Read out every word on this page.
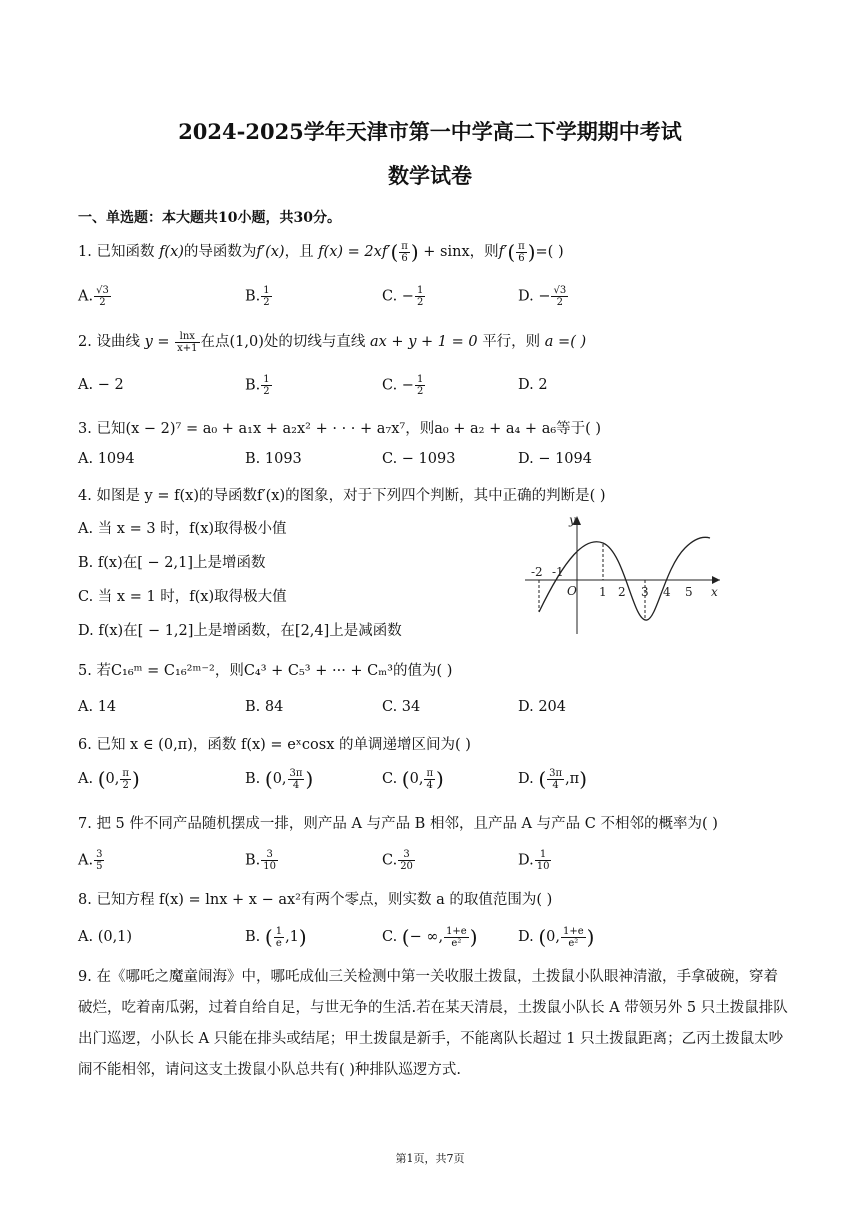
2024-2025学年天津市第一中学高二下学期期中考试
数学试卷
一、单选题：本大题共10小题，共30分。
1. 已知函数 f(x)的导函数为f′(x)，且 $f(x) = 2xf'( \frac{\pi}{6}$ ) + sinx，则$f'( \frac{\pi}{6}$ )=( )
A. $\frac{√3}{2}$	B. $\frac{1}{2}$	C. − $\frac{1}{2}$	D. − $\frac{√3}{2}$
2. 设曲线 $y = \frac{\ln x}{x+1}$ 在点(1,0)处的切线与直线 ax + y + 1 = 0 平行，则 a =( )
A. − 2	B. $\frac{1}{2}$	C. − $\frac{1}{2}$	D. 2
3. 已知(x − 2)⁷ = a₀ + a₁x + a₂x² + · · · + a₇x⁷，则a₀ + a₂ + a₄ + a₆等于( )
A. 1094	B. 1093	C. − 1093	D. − 1094
4. 如图是 y = f(x)的导函数f′(x)的图象，对于下列四个判断，其中正确的判断是( )
A. 当 x = 3 时，f(x)取得极小值
B. f(x)在[ − 2,1]上是增函数
C. 当 x = 1 时，f(x)取得极大值
D. f(x)在[ − 1,2]上是增函数，在[2,4]上是减函数
y
x
O
-2 -1
1 2 3 4 5
5. 若C₁₆ᵐ = C₁₆²ᵐ⁻²，则C₄³ + C₅³ + ··· + Cₘ³的值为( )
A. 14	B. 84	C. 34	D. 204
6. 已知 x ∈ (0,π)，函数 f(x) = eˣcosx 的单调递增区间为( )
A. (0, $\frac{\pi}{2}$ )	B. (0, $\frac{3\pi}{4}$ )	C. (0, $\frac{\pi}{4}$ )	D. ( $\frac{3\pi}{4} ,\pi$)
7. 把 5 件不同产品随机摆成一排，则产品 A 与产品 B 相邻，且产品 A 与产品 C 不相邻的概率为( )
A. $\frac{3}{5}$	B. $\frac{3}{10}$	C. $\frac{3}{20}$	D. $\frac{1}{10}$
8. 已知方程 f(x) = lnx + x − ax²有两个零点，则实数 a 的取值范围为( )
A. (0,1)	B. ( $\frac{1}{e} ,1$)	C. (− ∞, $\frac{1+e}{\text{e²}}$ )	D. (0, $\frac{1+e}{\text{e²}}$ )
9. 在《哪吒之魔童闹海》中，哪吒成仙三关检测中第一关收服土拨鼠，土拨鼠小队眼神清澈，手拿破碗，穿着破烂，吃着南瓜粥，过着自给自足，与世无争的生活.若在某天清晨，土拨鼠小队长 A 带领另外 5 只土拨鼠排队出门巡逻，小队长 A 只能在排头或结尾；甲土拨鼠是新手，不能离队长超过 1 只土拨鼠距离；乙丙土拨鼠太吵闹不能相邻，请问这支土拨鼠小队总共有( )种排队巡逻方式.
第1页，共7页
